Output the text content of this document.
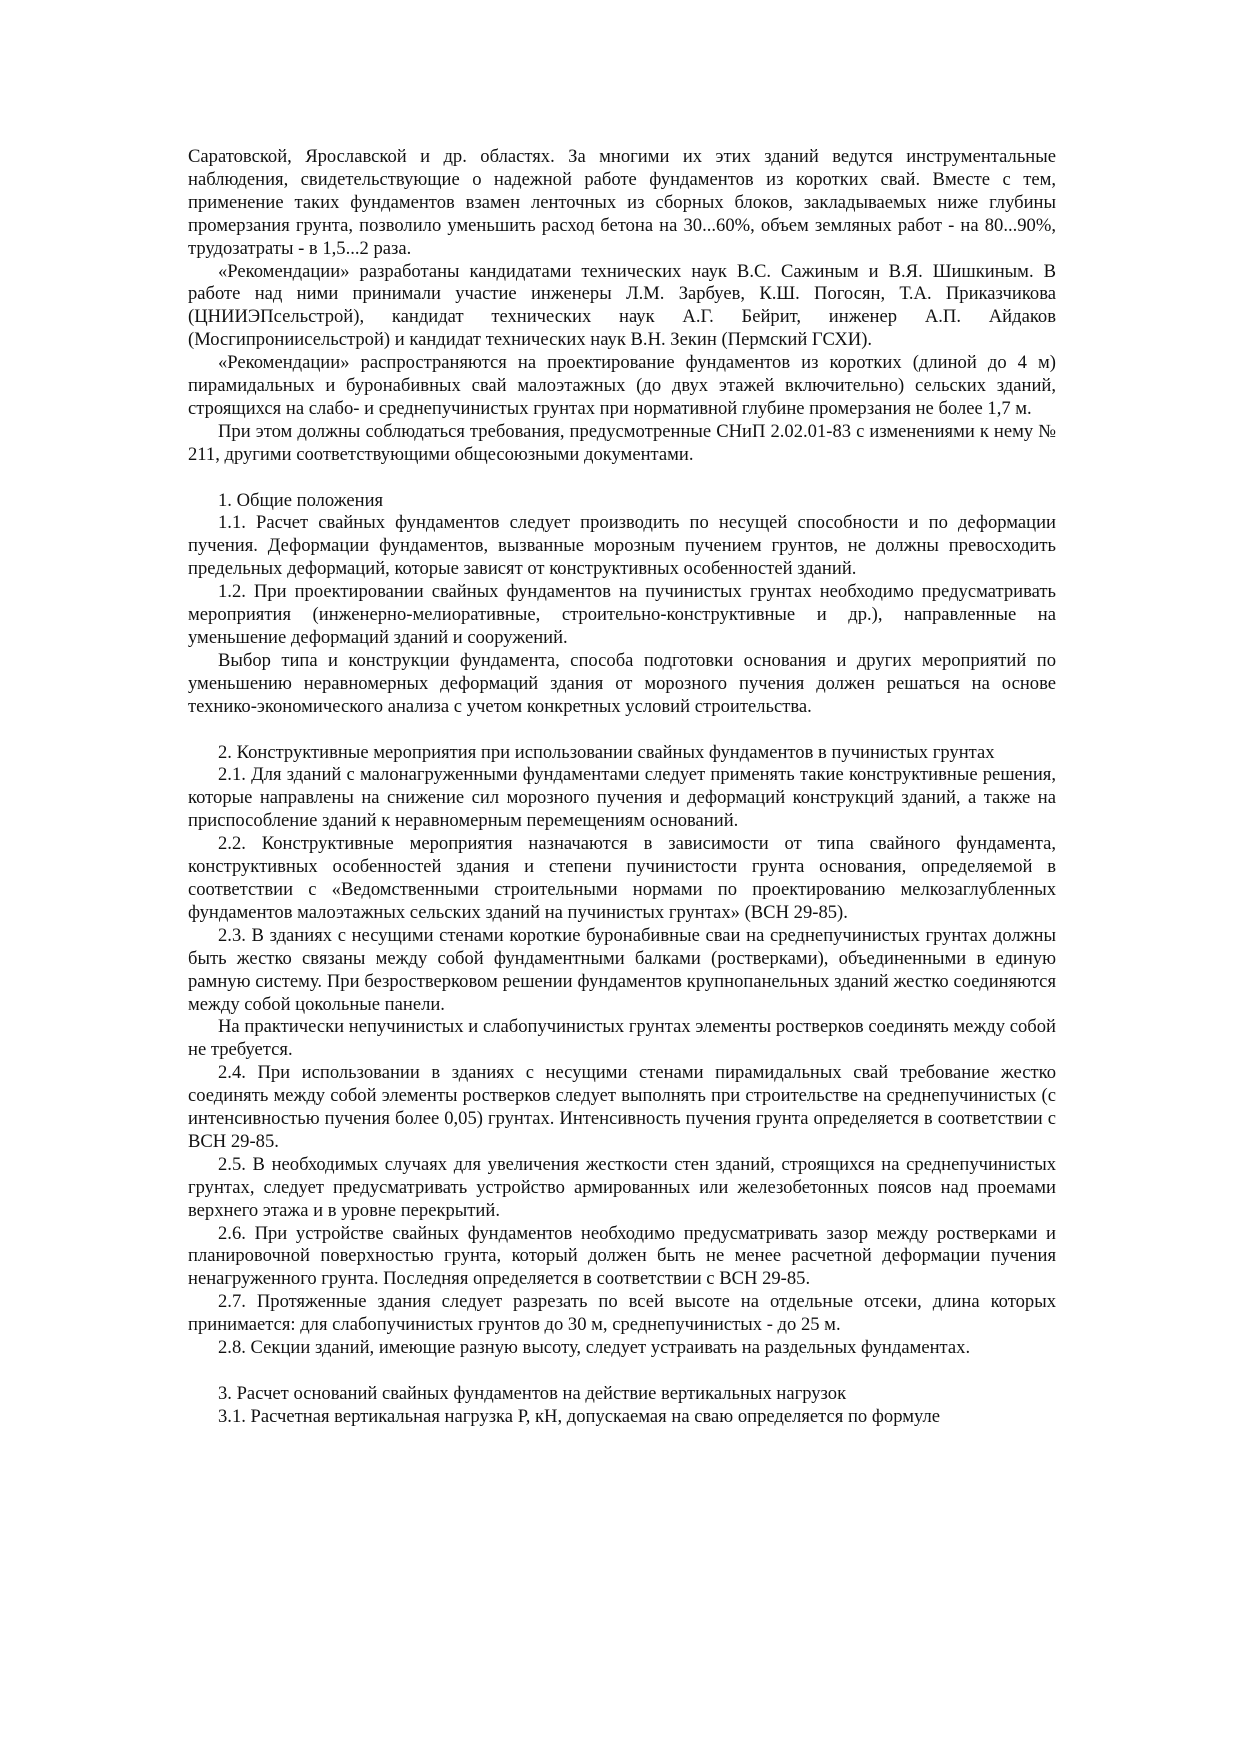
Саратовской, Ярославской и др. областях. За многими их этих зданий ведутся инструментальные наблюдения, свидетельствующие о надежной работе фундаментов из коротких свай. Вместе с тем, применение таких фундаментов взамен ленточных из сборных блоков, закладываемых ниже глубины промерзания грунта, позволило уменьшить расход бетона на 30...60%, объем земляных работ - на 80...90%, трудозатраты - в 1,5...2 раза.

«Рекомендации» разработаны кандидатами технических наук В.С. Сажиным и В.Я. Шишкиным. В работе над ними принимали участие инженеры Л.М. Зарбуев, К.Ш. Погосян, Т.А. Приказчикова (ЦНИИЭПсельстрой), кандидат технических наук А.Г. Бейрит, инженер А.П. Айдаков (Мосгипрониисельстрой) и кандидат технических наук В.Н. Зекин (Пермский ГСХИ).

«Рекомендации» распространяются на проектирование фундаментов из коротких (длиной до 4 м) пирамидальных и буронабивных свай малоэтажных (до двух этажей включительно) сельских зданий, строящихся на слабо- и среднепучинистых грунтах при нормативной глубине промерзания не более 1,7 м.

При этом должны соблюдаться требования, предусмотренные СНиП 2.02.01-83 с изменениями к нему № 211, другими соответствующими общесоюзными документами.

1. Общие положения

1.1. Расчет свайных фундаментов следует производить по несущей способности и по деформации пучения. Деформации фундаментов, вызванные морозным пучением грунтов, не должны превосходить предельных деформаций, которые зависят от конструктивных особенностей зданий.

1.2. При проектировании свайных фундаментов на пучинистых грунтах необходимо предусматривать мероприятия (инженерно-мелиоративные, строительно-конструктивные и др.), направленные на уменьшение деформаций зданий и сооружений.

Выбор типа и конструкции фундамента, способа подготовки основания и других мероприятий по уменьшению неравномерных деформаций здания от морозного пучения должен решаться на основе технико-экономического анализа с учетом конкретных условий строительства.

2. Конструктивные мероприятия при использовании свайных фундаментов в пучинистых грунтах

2.1. Для зданий с малонагруженными фундаментами следует применять такие конструктивные решения, которые направлены на снижение сил морозного пучения и деформаций конструкций зданий, а также на приспособление зданий к неравномерным перемещениям оснований.

2.2. Конструктивные мероприятия назначаются в зависимости от типа свайного фундамента, конструктивных особенностей здания и степени пучинистости грунта основания, определяемой в соответствии с «Ведомственными строительными нормами по проектированию мелкозаглубленных фундаментов малоэтажных сельских зданий на пучинистых грунтах» (ВСН 29-85).

2.3. В зданиях с несущими стенами короткие буронабивные сваи на среднепучинистых грунтах должны быть жестко связаны между собой фундаментными балками (ростверками), объединенными в единую рамную систему. При безростверковом решении фундаментов крупнопанельных зданий жестко соединяются между собой цокольные панели.

На практически непучинистых и слабопучинистых грунтах элементы ростверков соединять между собой не требуется.

2.4. При использовании в зданиях с несущими стенами пирамидальных свай требование жестко соединять между собой элементы ростверков следует выполнять при строительстве на среднепучинистых (с интенсивностью пучения более 0,05) грунтах. Интенсивность пучения грунта определяется в соответствии с ВСН 29-85.

2.5. В необходимых случаях для увеличения жесткости стен зданий, строящихся на среднепучинистых грунтах, следует предусматривать устройство армированных или железобетонных поясов над проемами верхнего этажа и в уровне перекрытий.

2.6. При устройстве свайных фундаментов необходимо предусматривать зазор между ростверками и планировочной поверхностью грунта, который должен быть не менее расчетной деформации пучения ненагруженного грунта. Последняя определяется в соответствии с ВСН 29-85.

2.7. Протяженные здания следует разрезать по всей высоте на отдельные отсеки, длина которых принимается: для слабопучинистых грунтов до 30 м, среднепучинистых - до 25 м.

2.8. Секции зданий, имеющие разную высоту, следует устраивать на раздельных фундаментах.

3. Расчет оснований свайных фундаментов на действие вертикальных нагрузок

3.1. Расчетная вертикальная нагрузка Р, кН, допускаемая на сваю определяется по формуле
